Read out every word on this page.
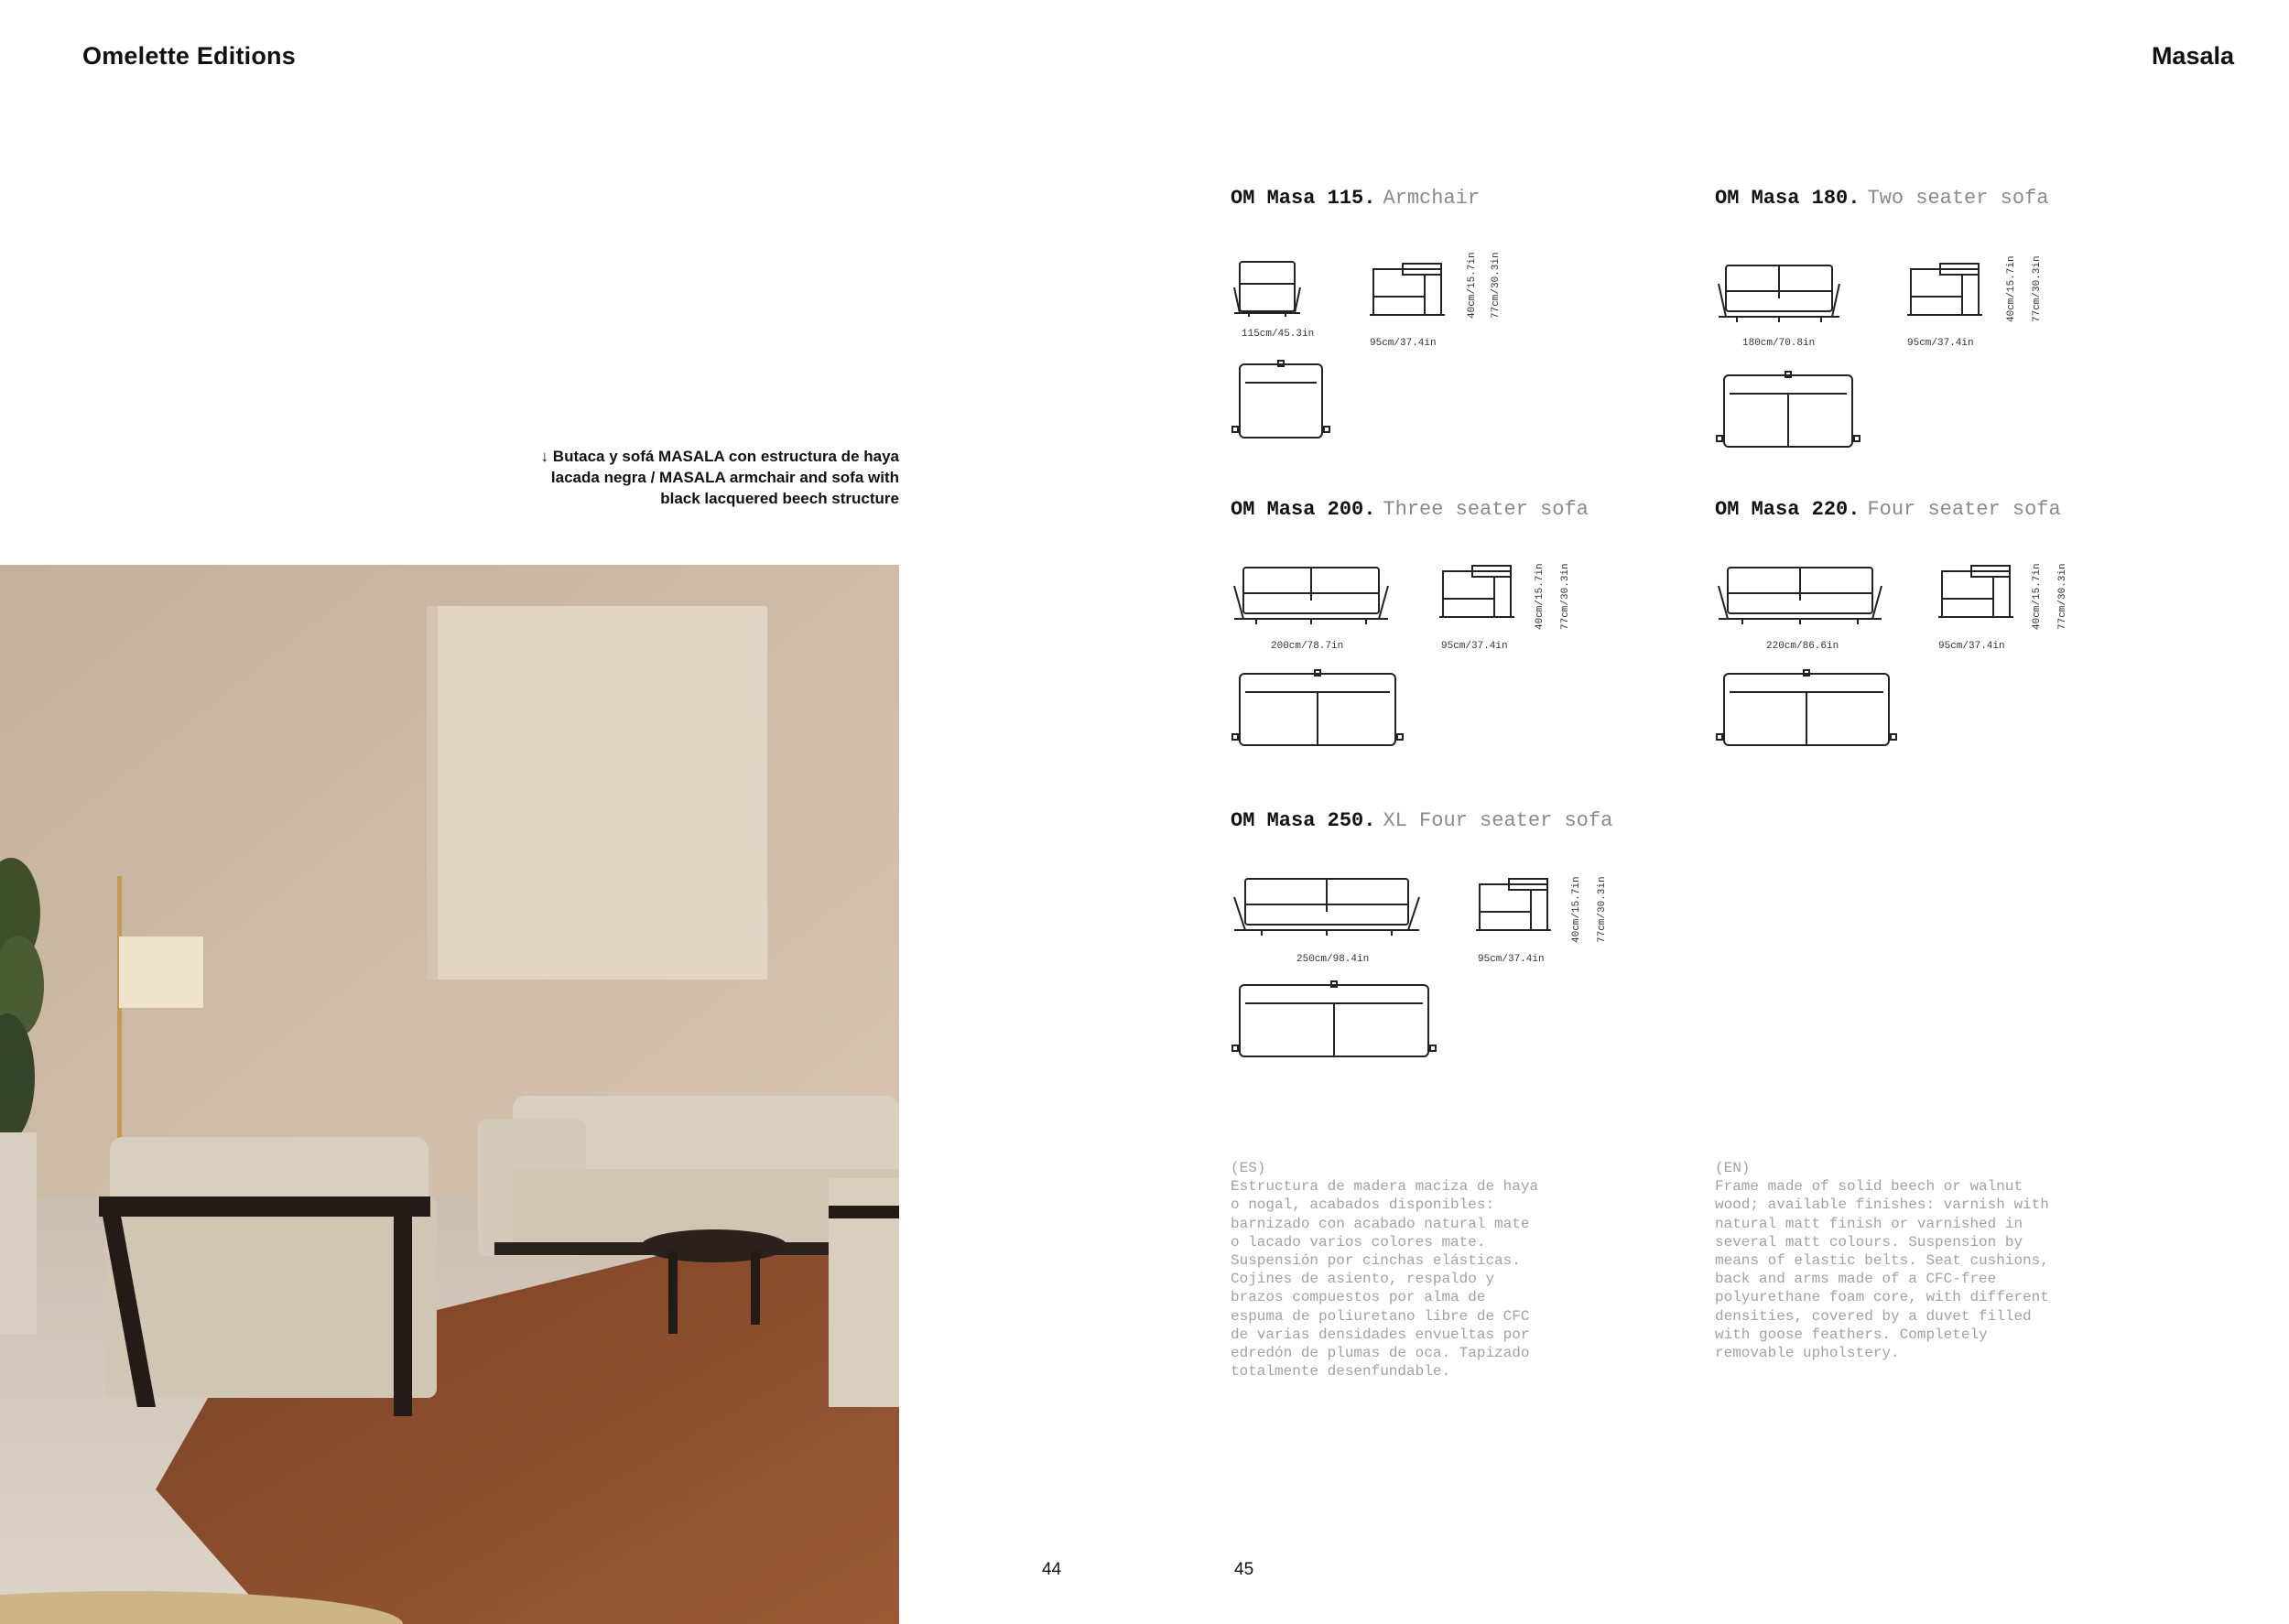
Omelette Editions	Masala
↓ Butaca y sofá MASALA con estructura de haya lacada negra / MASALA armchair and sofa with black lacquered beech structure
44	45
OM Masa 115. Armchair
115cm/45.3in
95cm/37.4in
40cm/15.7in 77cm/30.3in
OM Masa 180. Two seater sofa
180cm/70.8in	95cm/37.4in
40cm/15.7in 77cm/30.3in
OM Masa 200. Three seater sofa
200cm/78.7in	95cm/37.4in
40cm/15.7in 77cm/30.3in
OM Masa 220. Four seater sofa
220cm/86.6in	95cm/37.4in
40cm/15.7in 77cm/30.3in
OM Masa 250. XL Four seater sofa
250cm/98.4in	95cm/37.4in
40cm/15.7in 77cm/30.3in
(ES)
Estructura de madera maciza de haya
o nogal, acabados disponibles:
barnizado con acabado natural mate
o lacado varios colores mate.
Suspensión por cinchas elásticas.
Cojines de asiento, respaldo y
brazos compuestos por alma de
espuma de poliuretano libre de CFC
de varias densidades envueltas por
edredón de plumas de oca. Tapizado
totalmente desenfundable.
(EN)
Frame made of solid beech or walnut
wood; available finishes: varnish with
natural matt finish or varnished in
several matt colours. Suspension by
means of elastic belts. Seat cushions,
back and arms made of a CFC-free
polyurethane foam core, with different
densities, covered by a duvet filled
with goose feathers. Completely
removable upholstery.
